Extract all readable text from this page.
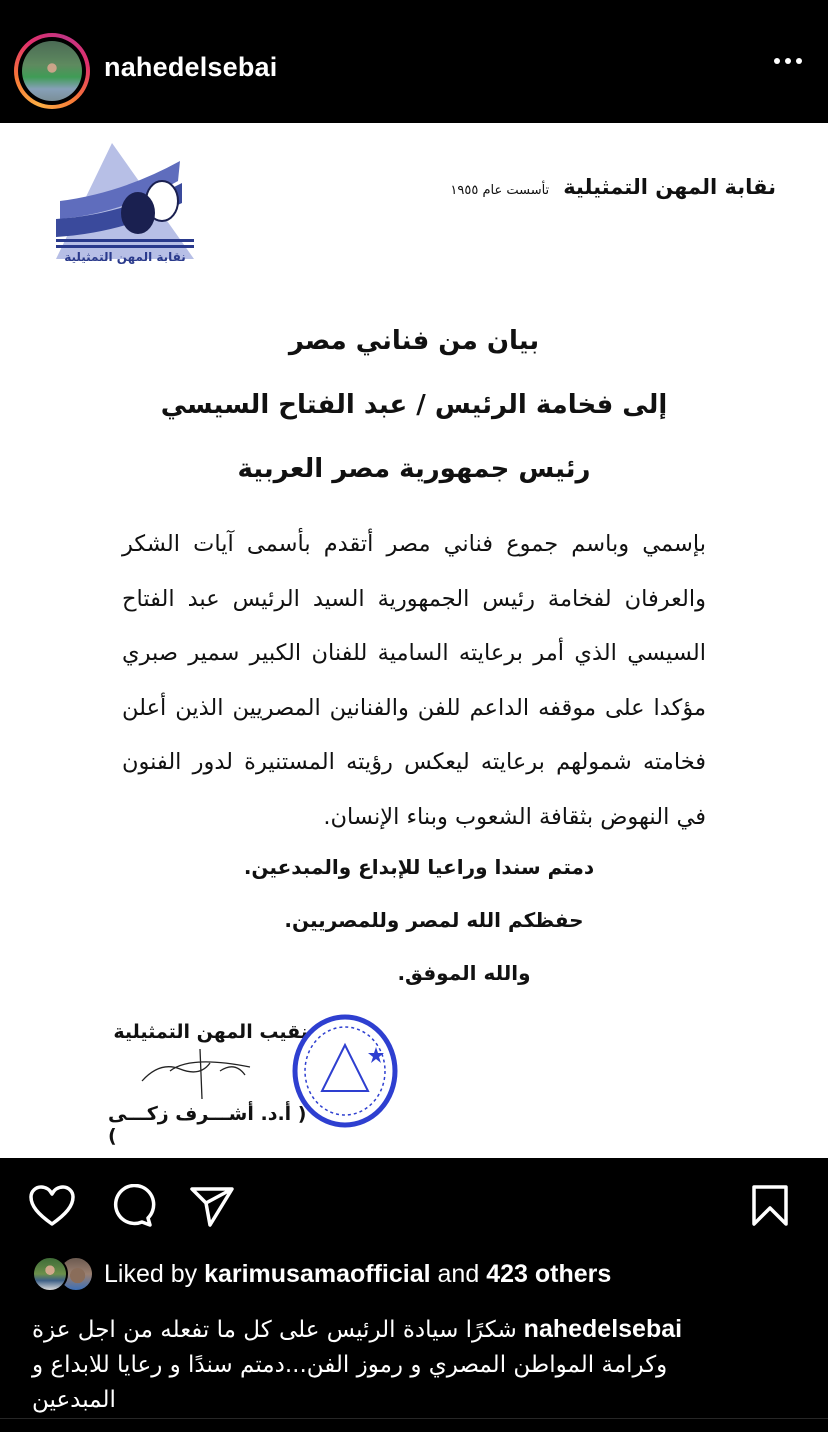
nahedelsebai
نقابة المهن التمثيلية
نقابة المهن التمثيلية
تأسست عام ١٩٥٥
بيان من فناني مصر
إلى فخامة الرئيس / عبد الفتاح السيسي
رئيس جمهورية مصر العربية
بإسمي وباسم جموع فناني مصر أتقدم بأسمى آيات الشكر والعرفان لفخامة رئيس الجمهورية السيد الرئيس عبد الفتاح السيسي الذي أمر برعايته السامية للفنان الكبير سمير صبري مؤكدا على موقفه الداعم للفن والفنانين المصريين الذين أعلن فخامته شمولهم برعايته ليعكس رؤيته المستنيرة لدور الفنون في النهوض بثقافة الشعوب وبناء الإنسان.
دمتم سندا وراعيا للإبداع والمبدعين.
حفظكم الله لمصر وللمصريين.
والله الموفق.
نقيب المهن التمثيلية
( أ.د. أشـــرف زكـــى )
Liked by karimusamaofficial and 423 others
nahedelsebai شكرًا سيادة الرئيس على كل ما تفعله من اجل عزة وكرامة المواطن المصري و رموز الفن...دمتم سندًا و رعايا للابداع و المبدعين
